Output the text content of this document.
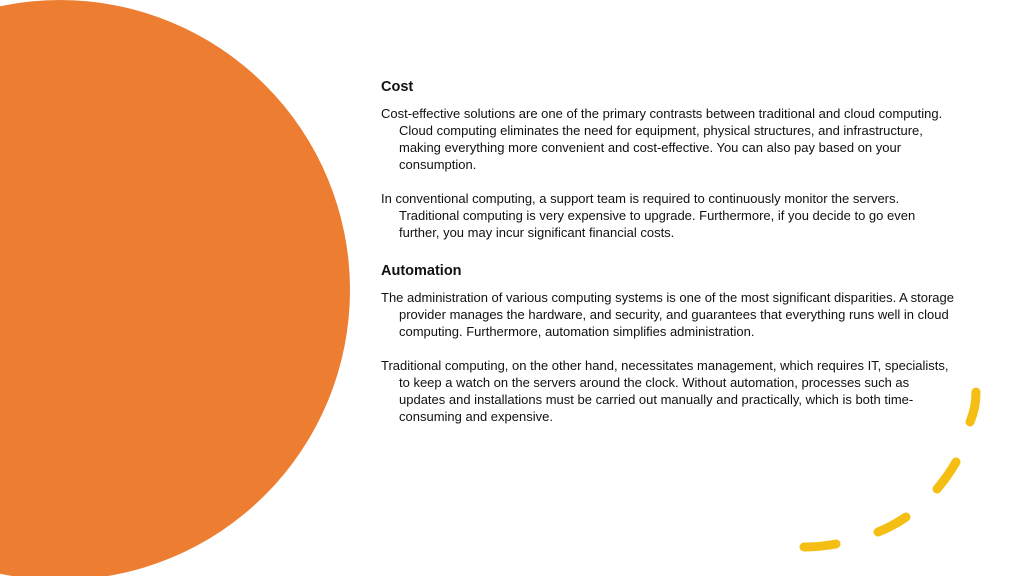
Cost

Cost-effective solutions are one of the primary contrasts between traditional and cloud computing. Cloud computing eliminates the need for equipment, physical structures, and infrastructure, making everything more convenient and cost-effective. You can also pay based on your consumption.

In conventional computing, a support team is required to continuously monitor the servers. Traditional computing is very expensive to upgrade. Furthermore, if you decide to go even further, you may incur significant financial costs.

Automation

The administration of various computing systems is one of the most significant disparities. A storage provider manages the hardware, and security, and guarantees that everything runs well in cloud computing. Furthermore, automation simplifies administration.

Traditional computing, on the other hand, necessitates management, which requires IT, specialists, to keep a watch on the servers around the clock. Without automation, processes such as updates and installations must be carried out manually and practically, which is both time-consuming and expensive.
